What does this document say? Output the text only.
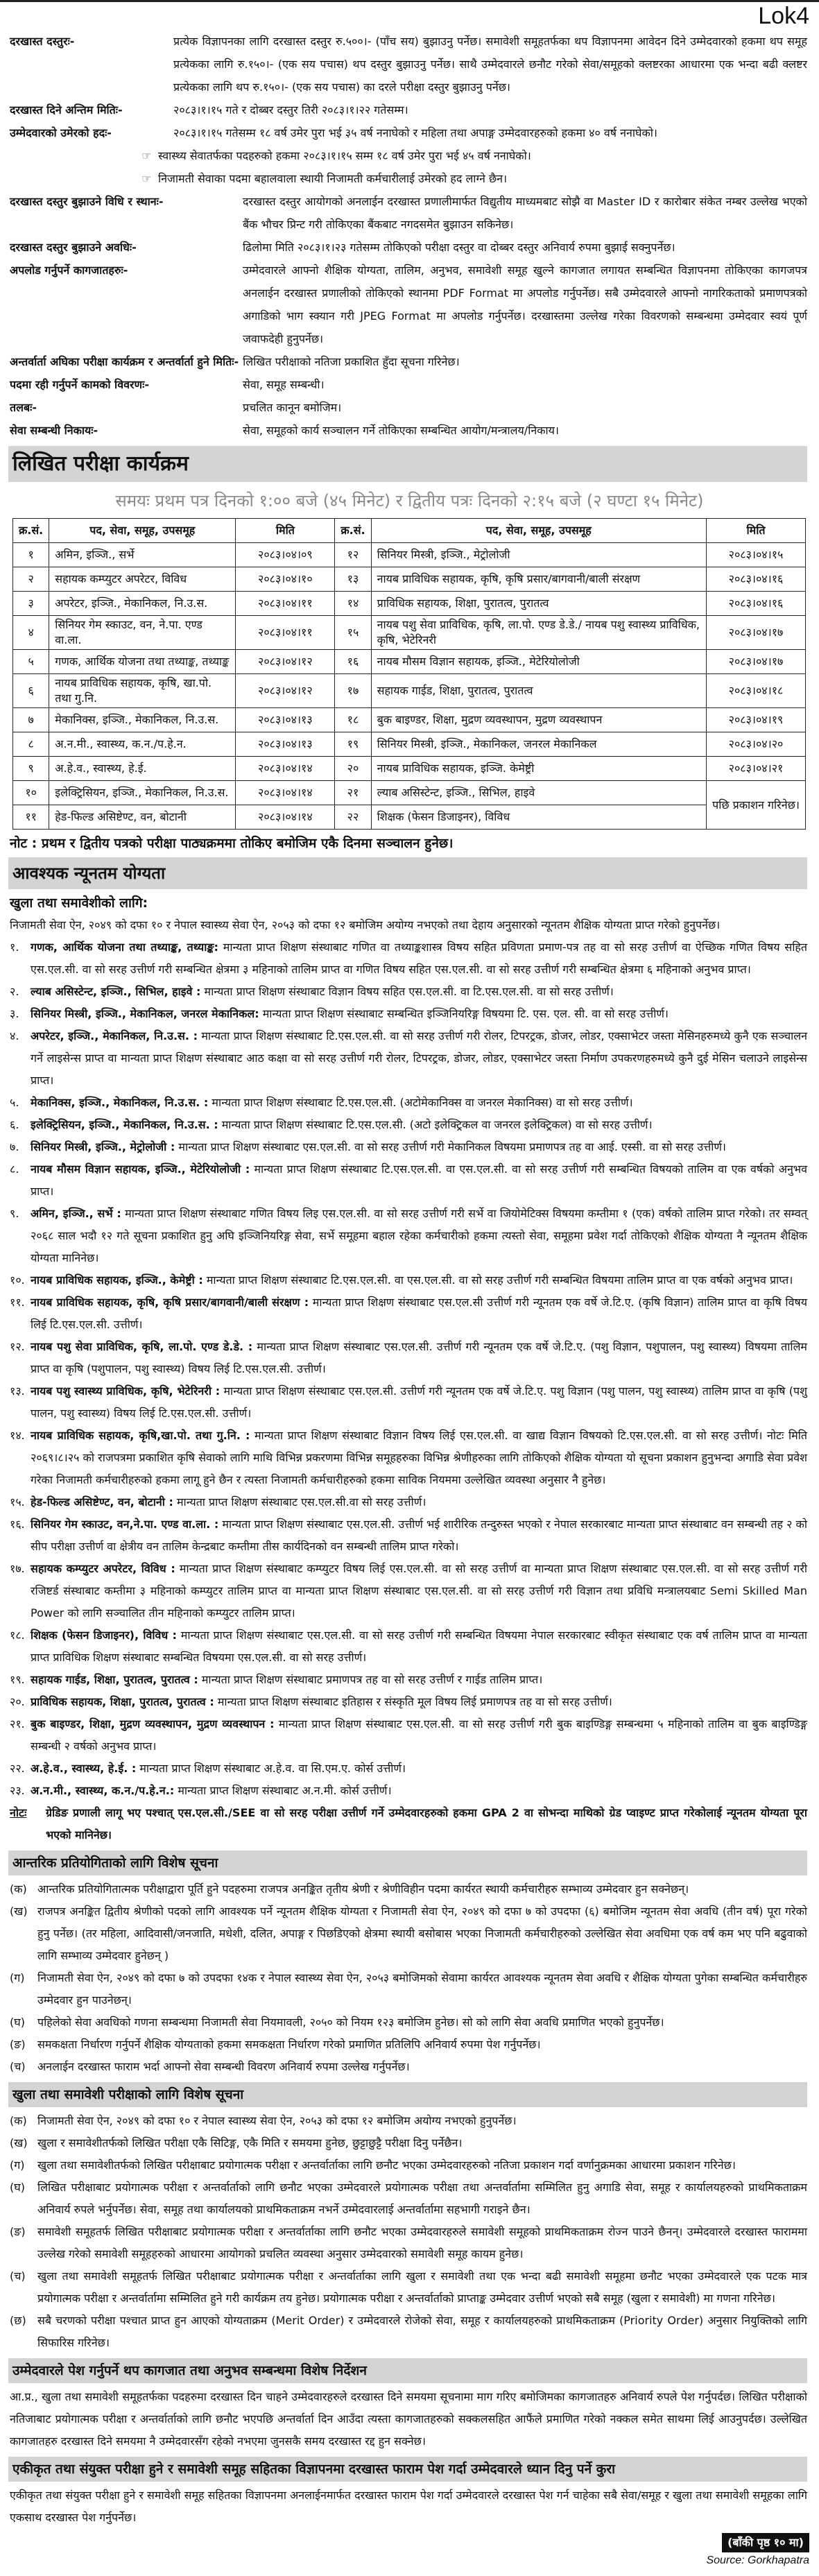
Lok4
दरखास्त दस्तुरः-	प्रत्येक विज्ञापनका लागि दरखास्त दस्तुर रु.५००।- (पाँच सय) बुझाउनु पर्नेछ। समावेशी समूहतर्फका थप विज्ञापनमा आवेदन दिने उम्मेदवारको हकमा थप समूह प्रत्येकका लागि रु.१५०।- (एक सय पचास) थप दस्तुर बुझाउनु पर्नेछ। साथै उम्मेदवारले छनौट गरेको सेवा/समूहको क्लष्टरका आधारमा एक भन्दा बढी क्लष्टर प्रत्येकका लागि थप रु.१५०।- (एक सय पचास) का दरले परीक्षा दस्तुर बुझाउनु पर्नेछ।
दरखास्त दिने अन्तिम मितिः-	२०८३।१।१५ गते र दोब्बर दस्तुर तिरी २०८३।१।२२ गतेसम्म।
उम्मेदवारको उमेरको हदः-	२०८३।१।१५ गतेसम्म १८ वर्ष उमेर पुरा भई ३५ वर्ष ननाघेको र महिला तथा अपाङ्ग उम्मेदवारहरुको हकमा ४० वर्ष ननाघेको।
☞ स्वास्थ्य सेवातर्फका पदहरुको हकमा २०८३।१।१५ सम्म १८ वर्ष उमेर पुरा भई ४५ वर्ष ननाघेको।
☞ निजामती सेवाका पदमा बहालवाला स्थायी निजामती कर्मचारीलाई उमेरको हद लाग्ने छैन।
दरखास्त दस्तुर बुझाउने विधि र स्थानः-	दरखास्त दस्तुर आयोगको अनलाईन दरखास्त प्रणालीमार्फत विद्युतीय माध्यमबाट सोझै वा Master ID र कारोबार संकेत नम्बर उल्लेख भएको बैंक भौचर प्रिन्ट गरी तोकिएका बैंकबाट नगदसमेत बुझाउन सकिनेछ।
दरखास्त दस्तुर बुझाउने अवधिः-	ढिलोमा मिति २०८३।१।२३ गतेसम्म तोकिएको परीक्षा दस्तुर वा दोब्बर दस्तुर अनिवार्य रुपमा बुझाई सक्नुपर्नेछ।
अपलोड गर्नुपर्ने कागजातहरुः-	उम्मेदवारले आफ्नो शैक्षिक योग्यता, तालिम, अनुभव, समावेशी समूह खुल्ने कागजात लगायत सम्बन्धित विज्ञापनमा तोकिएका कागजपत्र अनलाईन दरखास्त प्रणालीको तोकिएको स्थानमा PDF Format मा अपलोड गर्नुपर्नेछ। सबै उम्मेदवारले आफ्नो नागरिकताको प्रमाणपत्रको अगाडिको भाग स्क्यान गरी JPEG Format मा अपलोड गर्नुपर्नेछ। दरखास्तमा उल्लेख गरेका विवरणको सम्बन्धमा उम्मेदवार स्वयं पूर्ण जवाफदेही हुनुपर्नेछ।
अन्तर्वार्ता अघिका परीक्षा कार्यक्रम र अन्तर्वार्ता हुने मितिः- लिखित परीक्षाको नतिजा प्रकाशित हुँदा सूचना गरिनेछ।
पदमा रही गर्नुपर्ने कामको विवरणः-	सेवा, समूह सम्बन्धी।
तलबः-	प्रचलित कानून बमोजिम।
सेवा सम्बन्धी निकायः-	सेवा, समूहको कार्य सञ्चालन गर्ने तोकिएका सम्बन्धित आयोग/मन्त्रालय/निकाय।
लिखित परीक्षा कार्यक्रम
समयः प्रथम पत्र दिनको १:०० बजे (४५ मिनेट) र द्वितीय पत्रः दिनको २:१५ बजे (२ घण्टा १५ मिनेट)
क्र.सं.	पद, सेवा, समूह, उपसमूह	मिति	क्र.सं.	पद, सेवा, समूह, उपसमूह	मिति
१	अमिन, इञ्जि., सर्भे	२०८३।०४।०९	१२	सिनियर मिस्त्री, इञ्जि., मेट्रोलोजी	२०८३।०४।१५
२	सहायक कम्प्युटर अपरेटर, विविध	२०८३।०४।१०	१३	नायब प्राविधिक सहायक, कृषि, कृषि प्रसार/बागवानी/बाली संरक्षण	२०८३।०४।१६
३	अपरेटर, इञ्जि., मेकानिकल, नि.उ.स.	२०८३।०४।११	१४	प्राविधिक सहायक, शिक्षा, पुरातत्व, पुरातत्व	२०८३।०४।१६
४	सिनियर गेम स्काउट, वन, ने.पा. एण्ड वा.ला.	२०८३।०४।११	१५	नायब पशु सेवा प्राविधिक, कृषि, ला.पो. एण्ड डे.डे./ नायब पशु स्वास्थ्य प्राविधिक, कृषि, भेटेरिनरी	२०८३।०४।१७
५	गणक, आर्थिक योजना तथा तथ्याङ्क, तथ्याङ्क	२०८३।०४।१२	१६	नायब मौसम विज्ञान सहायक, इञ्जि., मेटेरियोलोजी	२०८३।०४।१७
६	नायब प्राविधिक सहायक, कृषि, खा.पो. तथा गु.नि.	२०८३।०४।१२	१७	सहायक गाईड, शिक्षा, पुरातत्व, पुरातत्व	२०८३।०४।१८
७	मेकानिक्स, इञ्जि., मेकानिकल, नि.उ.स.	२०८३।०४।१३	१८	बुक बाइण्डर, शिक्षा, मुद्रण व्यवस्थापन, मुद्रण व्यवस्थापन	२०८३।०४।१९
८	अ.न.मी., स्वास्थ्य, क.न./प.हे.न.	२०८३।०४।१३	१९	सिनियर मिस्त्री, इञ्जि., मेकानिकल, जनरल मेकानिकल	२०८३।०४।२०
९	अ.हे.व., स्वास्थ्य, हे.ई.	२०८३।०४।१४	२०	नायब प्राविधिक सहायक, इञ्जि. केमेष्ट्री	२०८३।०४।२१
१०	इलेक्ट्रिसियन, इञ्जि., मेकानिकल, नि.उ.स.	२०८३।०४।१४	२१	ल्याब असिस्टेन्ट, इञ्जि., सिभिल, हाइवे	पछि प्रकाशन गरिनेछ।
११	हेड-फिल्ड असिष्टेण्ट, वन, बोटानी	२०८३।०४।१४	२२	शिक्षक (फेसन डिजाइनर), विविध	
नोट : प्रथम र द्वितीय पत्रको परीक्षा पाठ्यक्रममा तोकिए बमोजिम एकै दिनमा सञ्चालन हुनेछ।
आवश्यक न्यूनतम योग्यता
खुला तथा समावेशीको लागि:
निजामती सेवा ऐन, २०४९ को दफा १० र नेपाल स्वास्थ्य सेवा ऐन, २०५३ को दफा १२ बमोजिम अयोग्य नभएको तथा देहाय अनुसारको न्यूनतम शैक्षिक योग्यता प्राप्त गरेको हुनुपर्नेछ।
१.	गणक, आर्थिक योजना तथा तथ्याङ्क, तथ्याङ्क: मान्यता प्राप्त शिक्षण संस्थाबाट गणित वा तथ्याङ्कशास्त्र विषय सहित प्रविणता प्रमाण-पत्र तह वा सो सरह उत्तीर्ण वा ऐच्छिक गणित विषय सहित एस.एल.सी. वा सो सरह उत्तीर्ण गरी सम्बन्धित क्षेत्रमा ३ महिनाको तालिम प्राप्त वा गणित विषय सहित एस.एल.सी. वा सो सरह उत्तीर्ण गरी सम्बन्धित क्षेत्रमा ६ महिनाको अनुभव प्राप्त।
२.	ल्याब असिस्टेन्ट, इञ्जि., सिभिल, हाइवे : मान्यता प्राप्त शिक्षण संस्थाबाट विज्ञान विषय सहित एस.एल.सी. वा टि.एस.एल.सी. वा सो सरह उत्तीर्ण।
३.	सिनियर मिस्त्री, इञ्जि., मेकानिकल, जनरल मेकानिकल: मान्यता प्राप्त शिक्षण संस्थाबाट सम्बन्धित इञ्जिनियरिङ्ग विषयमा टि. एस. एल. सी. वा सो सरह उत्तीर्ण।
४.	अपरेटर, इञ्जि., मेकानिकल, नि.उ.स. : मान्यता प्राप्त शिक्षण संस्थाबाट टि.एस.एल.सी. वा सो सरह उत्तीर्ण गरी रोलर, टिपरट्रक, डोजर, लोडर, एक्साभेटर जस्ता मेसिनहरुमध्ये कुनै एक सञ्चालन गर्ने लाइसेन्स प्राप्त वा मान्यता प्राप्त शिक्षण संस्थाबाट आठ कक्षा वा सो सरह उत्तीर्ण गरी रोलर, टिपरट्रक, डोजर, लोडर, एक्साभेटर जस्ता निर्माण उपकरणहरुमध्ये कुनै दुई मेसिन चलाउने लाइसेन्स प्राप्त।
५.	मेकानिक्स, इञ्जि., मेकानिकल, नि.उ.स. : मान्यता प्राप्त शिक्षण संस्थाबाट टि.एस.एल.सी. (अटोमेकानिक्स वा जनरल मेकानिक्स) वा सो सरह उत्तीर्ण।
६.	इलेक्ट्रिसियन, इञ्जि., मेकानिकल, नि.उ.स. : मान्यता प्राप्त शिक्षण संस्थाबाट टि.एस.एल.सी. (अटो इलेक्ट्रिकल वा जनरल इलेक्ट्रिकल) वा सो सरह उत्तीर्ण।
७.	सिनियर मिस्त्री, इञ्जि., मेट्रोलोजी : मान्यता प्राप्त शिक्षण संस्थाबाट एस.एल.सी. वा सो सरह उत्तीर्ण गरी मेकानिकल विषयमा प्रमाणपत्र तह वा आई. एस्सी. वा सो सरह उत्तीर्ण।
८.	नायब मौसम विज्ञान सहायक, इञ्जि., मेटेरियोलोजी : मान्यता प्राप्त शिक्षण संस्थाबाट टि.एस.एल.सी. वा एस.एल.सी. वा सो सरह उत्तीर्ण गरी सम्बन्धित विषयको तालिम वा एक वर्षको अनुभव प्राप्त।
९.	अमिन, इञ्जि., सर्भे : मान्यता प्राप्त शिक्षण संस्थाबाट गणित विषय लिइ एस.एल.सी. वा सो सरह उत्तीर्ण गरी सर्भे वा जियोमेटिक्स विषयमा कम्तीमा १ (एक) वर्षको तालिम प्राप्त गरेको। तर सम्वत् २०६८ साल भदौ १२ गते सूचना प्रकाशित हुनु अघि इञ्जिनियरिङ्ग सेवा, सर्भे समूहमा बहाल रहेका कर्मचारीको हकमा त्यस्तो सेवा, समूहमा प्रवेश गर्दा तोकिएको शैक्षिक योग्यता नै न्यूनतम शैक्षिक योग्यता मानिनेछ।
१०. नायब प्राविधिक सहायक, इञ्जि., केमेष्ट्री : मान्यता प्राप्त शिक्षण संस्थाबाट टि.एस.एल.सी. वा एस.एल.सी. वा सो सरह उत्तीर्ण गरी सम्बन्धित विषयमा तालिम प्राप्त वा एक वर्षको अनुभव प्राप्त।
११. नायब प्राविधिक सहायक, कृषि, कृषि प्रसार/बागवानी/बाली संरक्षण : मान्यता प्राप्त शिक्षण संस्थाबाट एस.एल.सी उत्तीर्ण गरी न्यूनतम एक वर्षे जे.टि.ए. (कृषि विज्ञान) तालिम प्राप्त वा कृषि विषय लिई टि.एस.एल.सी. उत्तीर्ण।
१२. नायब पशु सेवा प्राविधिक, कृषि, ला.पो. एण्ड डे.डे. : मान्यता प्राप्त शिक्षण संस्थाबाट एस.एल.सी. उत्तीर्ण गरी न्यूनतम एक वर्षे जे.टि.ए. (पशु विज्ञान, पशुपालन, पशु स्वास्थ्य) विषयमा तालिम प्राप्त वा कृषि (पशुपालन, पशु स्वास्थ्य) विषय लिई टि.एस.एल.सी. उत्तीर्ण।
१३. नायब पशु स्वास्थ्य प्राविधिक, कृषि, भेटेरिनरी : मान्यता प्राप्त शिक्षण संस्थाबाट एस.एल.सी. उत्तीर्ण गरी न्यूनतम एक वर्षे जे.टि.ए. पशु विज्ञान (पशु पालन, पशु स्वास्थ्य) तालिम प्राप्त वा कृषि (पशु पालन, पशु स्वास्थ्य) विषय लिई टि.एस.एल.सी. उत्तीर्ण।
१४. नायब प्राविधिक सहायक, कृषि,खा.पो. तथा गु.नि. : मान्यता प्राप्त शिक्षण संस्थाबाट विज्ञान विषय लिई एस.एल.सी. वा खाद्य विज्ञान विषयको टि.एस.एल.सी. वा सो सरह उत्तीर्ण। नोटः मिति २०६९।८।२५ को राजपत्रमा प्रकाशित कृषि सेवाको लागि माथि विभिन्न प्रकरणमा विभिन्न समूहहरुका विभिन्न श्रेणीहरुका लागि तोकिएको शैक्षिक योग्यता यो सूचना प्रकाशन हुनुभन्दा अगाडि सेवा प्रवेश गरेका निजामती कर्मचारीहरुको हकमा लागू हुने छैन र त्यस्ता निजामती कर्मचारीहरुको हकमा साविक नियममा उल्लेखित व्यवस्था अनुसार नै हुनेछ।
१५. हेड-फिल्ड असिष्टेण्ट, वन, बोटानी : मान्यता प्राप्त शिक्षण संस्थाबाट एस.एल.सी.वा सो सरह उत्तीर्ण।
१६. सिनियर गेम स्काउट, वन,ने.पा. एण्ड वा.ला. : मान्यता प्राप्त शिक्षण संस्थाबाट एस.एल.सी. उत्तीर्ण भई शारीरिक तन्दुरुस्त भएको र नेपाल सरकारबाट मान्यता प्राप्त संस्थाबाट वन सम्बन्धी तह २ को सीप परीक्षा उत्तीर्ण वा क्षेत्रीय वन तालिम केन्द्रबाट कम्तीमा तीस कार्यदिनको वन सम्बन्धी तालिम प्राप्त गरेको।
१७. सहायक कम्प्युटर अपरेटर, विविध : मान्यता प्राप्त शिक्षण संस्थाबाट कम्प्युटर विषय लिई एस.एल.सी. वा सो सरह उत्तीर्ण वा मान्यता प्राप्त शिक्षण संस्थाबाट एस.एल.सी. वा सो सरह उत्तीर्ण गरी रजिष्टर्ड संस्थाबाट कम्तीमा ३ महिनाको कम्प्युटर तालिम प्राप्त वा मान्यता प्राप्त शिक्षण संस्थाबाट एस.एल.सी. वा सो सरह उत्तीर्ण गरी विज्ञान तथा प्रविधि मन्त्रालयबाट Semi Skilled Man Power को लागि सञ्चालित तीन महिनाको कम्प्युटर तालिम प्राप्त।
१८. शिक्षक (फेसन डिजाइनर), विविध : मान्यता प्राप्त शिक्षण संस्थाबाट एस.एल.सी. वा सो सरह उत्तीर्ण गरी सम्बन्धित विषयमा नेपाल सरकारबाट स्वीकृत संस्थाबाट एक वर्ष तालिम प्राप्त वा मान्यता प्राप्त प्राविधिक शिक्षण संस्थाबाट सम्बन्धित विषयमा एस.एल.सी. वा सो सरह उत्तीर्ण।
१९. सहायक गाईड, शिक्षा, पुरातत्व, पुरातत्व : मान्यता प्राप्त शिक्षण संस्थाबाट प्रमाणपत्र तह वा सो सरह उत्तीर्ण र गाईड तालिम प्राप्त।
२०. प्राविधिक सहायक, शिक्षा, पुरातत्व, पुरातत्व : मान्यता प्राप्त शिक्षण संस्थाबाट इतिहास र संस्कृति मूल विषय लिई प्रमाणपत्र तह वा सो सरह उत्तीर्ण।
२१. बुक बाइण्डर, शिक्षा, मुद्रण व्यवस्थापन, मुद्रण व्यवस्थापन : मान्यता प्राप्त शिक्षण संस्थाबाट एस.एल.सी. वा सो सरह उत्तीर्ण गरी बुक बाइण्डिङ्ग सम्बन्धमा ५ महिनाको तालिम वा बुक बाइण्डिङ्ग सम्बन्धी २ वर्षको अनुभव प्राप्त।
२२. अ.हे.व., स्वास्थ्य, हे.ई. : मान्यता प्राप्त शिक्षण संस्थाबाट अ.हे.व. वा सि.एम.ए. कोर्स उत्तीर्ण।
२३. अ.न.मी., स्वास्थ्य, क.न./प.हे.न.: मान्यता प्राप्त शिक्षण संस्थाबाट अ.न.मी. कोर्स उत्तीर्ण।
नोटः	ग्रेडिङ प्रणाली लागू भए पश्चात् एस.एल.सी./SEE वा सो सरह परीक्षा उत्तीर्ण गर्ने उम्मेदवारहरुको हकमा GPA 2 वा सोभन्दा माथिको ग्रेड प्वाइण्ट प्राप्त गरेकोलाई न्यूनतम योग्यता पूरा भएको मानिनेछ।
आन्तरिक प्रतियोगिताको लागि विशेष सूचना
(क) आन्तरिक प्रतियोगितात्मक परीक्षाद्वारा पूर्ति हुने पदहरुमा राजपत्र अनङ्कित तृतीय श्रेणी र श्रेणीविहीन पदमा कार्यरत स्थायी कर्मचारीहरु सम्भाव्य उम्मेदवार हुन सक्नेछन्।
(ख) राजपत्र अनङ्कित द्वितीय श्रेणीको पदको लागि आवश्यक पर्ने न्यूनतम शैक्षिक योग्यता र निजामती सेवा ऐन, २०४९ को दफा ७ को उपदफा (६) बमोजिम न्यूनतम सेवा अवधि (तीन वर्ष) पूरा गरेको हुनु पर्नेछ। (तर महिला, आदिवासी/जनजाति, मधेशी, दलित, अपाङ्ग र पिछडिएको क्षेत्रमा स्थायी बसोबास भएका निजामती कर्मचारीहरुको उल्लेखित सेवा अवधिमा एक वर्ष कम भए पनि बढुवाको लागि सम्भाव्य उम्मेदवार हुनेछन् )
(ग)	निजामती सेवा ऐन, २०४९ को दफा ७ को उपदफा १४क र नेपाल स्वास्थ्य सेवा ऐन, २०५३ बमोजिमको सेवामा कार्यरत आवश्यक न्यूनतम सेवा अवधि र शैक्षिक योग्यता पुगेका सम्बन्धित कर्मचारीहरु उम्मेदवार हुन पाउनेछन्।
(घ)	पहिलेको सेवा अवधिको गणना सम्बन्धमा निजामती सेवा नियमावली, २०५० को नियम १२३ बमोजिम हुनेछ। सो को लागि सेवा अवधि प्रमाणित भएको हुनुपर्नेछ।
(ङ)	समकक्षता निर्धारण गर्नुपर्ने शैक्षिक योग्यताको हकमा समकक्षता निर्धारण गरेको प्रमाणित प्रतिलिपि अनिवार्य रुपमा पेश गर्नुपर्नेछ।
(च)	अनलाईन दरखास्त फाराम भर्दा आफ्नो सेवा सम्बन्धी विवरण अनिवार्य रुपमा उल्लेख गर्नुपर्नेछ।
खुला तथा समावेशी परीक्षाको लागि विशेष सूचना
(क) निजामती सेवा ऐन, २०४९ को दफा १० र नेपाल स्वास्थ्य सेवा ऐन, २०५३ को दफा १२ बमोजिम अयोग्य नभएको हुनुपर्नेछ।
(ख) खुला र समावेशीतर्फको लिखित परीक्षा एकै सिटिङ्ग, एकै मिति र समयमा हुनेछ, छुट्टाछुट्टै परीक्षा दिनु पर्नेछैन।
(ग)	खुला तथा समावेशीतर्फको लिखित परीक्षाबाट प्रयोगात्मक परीक्षा र अन्तर्वार्ताका लागि छनौट भएका उम्मेदवारहरुको नतिजा प्रकाशन गर्दा वर्णानुक्रमका आधारमा प्रकाशन गरिनेछ।
(घ)	लिखित परीक्षाबाट प्रयोगात्मक परीक्षा र अन्तर्वार्ताको लागि छनौट भएका उम्मेदवारले प्रयोगात्मक परीक्षा तथा अन्तर्वार्तामा सम्मिलित हुनु अगाडि सेवा, समूह र कार्यालयहरुको प्राथमिकताक्रम अनिवार्य रुपले भर्नुपर्नेछ। सेवा, समूह तथा कार्यालयको प्राथमिकताक्रम नभर्ने उम्मेदवारलाई अन्तर्वार्तामा सहभागी गराइने छैन।
(ङ)	समावेशी समूहतर्फ लिखित परीक्षाबाट प्रयोगात्मक परीक्षा र अन्तर्वार्ताका लागि छनौट भएका उम्मेदवारहरुले समावेशी समूहको प्राथमिकताक्रम रोज्न पाउने छैनन्। उम्मेदवारले दरखास्त फाराममा उल्लेख गरेको समावेशी समूहहरुको आधारमा आयोगको प्रचलित व्यवस्था अनुसार उम्मेदवारको समावेशी समूह कायम हुनेछ।
(च)	खुला तथा समावेशी समूहतर्फ लिखित परीक्षाबाट प्रयोगात्मक परीक्षा र अन्तर्वार्ताका लागि खुला र समावेशी तथा एक भन्दा बढी समावेशी समूहमा छनौट भएका उम्मेदवारले एक पटक मात्र प्रयोगात्मक परीक्षा र अन्तर्वार्तामा सम्मिलित हुने गरी कार्यक्रम तय हुनेछ। प्रयोगात्मक परीक्षा र अन्तर्वार्ताको प्राप्ताङ्क उम्मेदवार उत्तीर्ण भएको सबै समूह (खुला र समावेशी) मा गणना गरिनेछ।
(छ)	सबै चरणको परीक्षा पश्चात प्राप्त हुन आएको योग्यताक्रम (Merit Order) र उम्मेदवारले रोजेको सेवा, समूह र कार्यालयहरुको प्राथमिकताक्रम (Priority Order) अनुसार नियुक्तिको लागि सिफारिस गरिनेछ।
उम्मेदवारले पेश गर्नुपर्ने थप कागजात तथा अनुभव सम्बन्धमा विशेष निर्देशन
आ.प्र., खुला तथा समावेशी समूहतर्फका पदहरुमा दरखास्त दिन चाहने उम्मेदवारहरुले दरखास्त दिने समयमा सूचनामा माग गरिए बमोजिमका कागजातहरु अनिवार्य रुपले पेश गर्नुपर्दछ। लिखित परीक्षाको नतिजाबाट प्रयोगात्मक परीक्षा र अन्तर्वार्ताको लागि छनौट भएपछि अन्तर्वार्ता दिन आउँदा त्यस्ता कागजातहरुको सक्कलसहित आफैंले प्रमाणित गरेको नक्कल समेत साथमा लिई आउनुपर्दछ। उल्लेखित कागजातहरु दरखास्त दिने समयमा नै उम्मेदवारसँग रहेको नभएमा जुनसकै समय दरखास्त रद्द हुन सक्नेछ।
एकीकृत तथा संयुक्त परीक्षा हुने र समावेशी समूह सहितका विज्ञापनमा दरखास्त फाराम पेश गर्दा उम्मेदवारले ध्यान दिनु पर्ने कुरा
एकीकृत तथा संयुक्त परीक्षा हुने र समावेशी समूह सहितका विज्ञापनमा अनलाईनमार्फत दरखास्त फाराम पेश गर्दा उम्मेदवारले दरखास्त पेश गर्न चाहेका सबै सेवा/समूह र खुला तथा समावेशी समूहका लागि एकसाथ दरखास्त पेश गर्नुपर्नेछ।
(बाँकी पृष्ठ १० मा)
Source: Gorkhapatra
